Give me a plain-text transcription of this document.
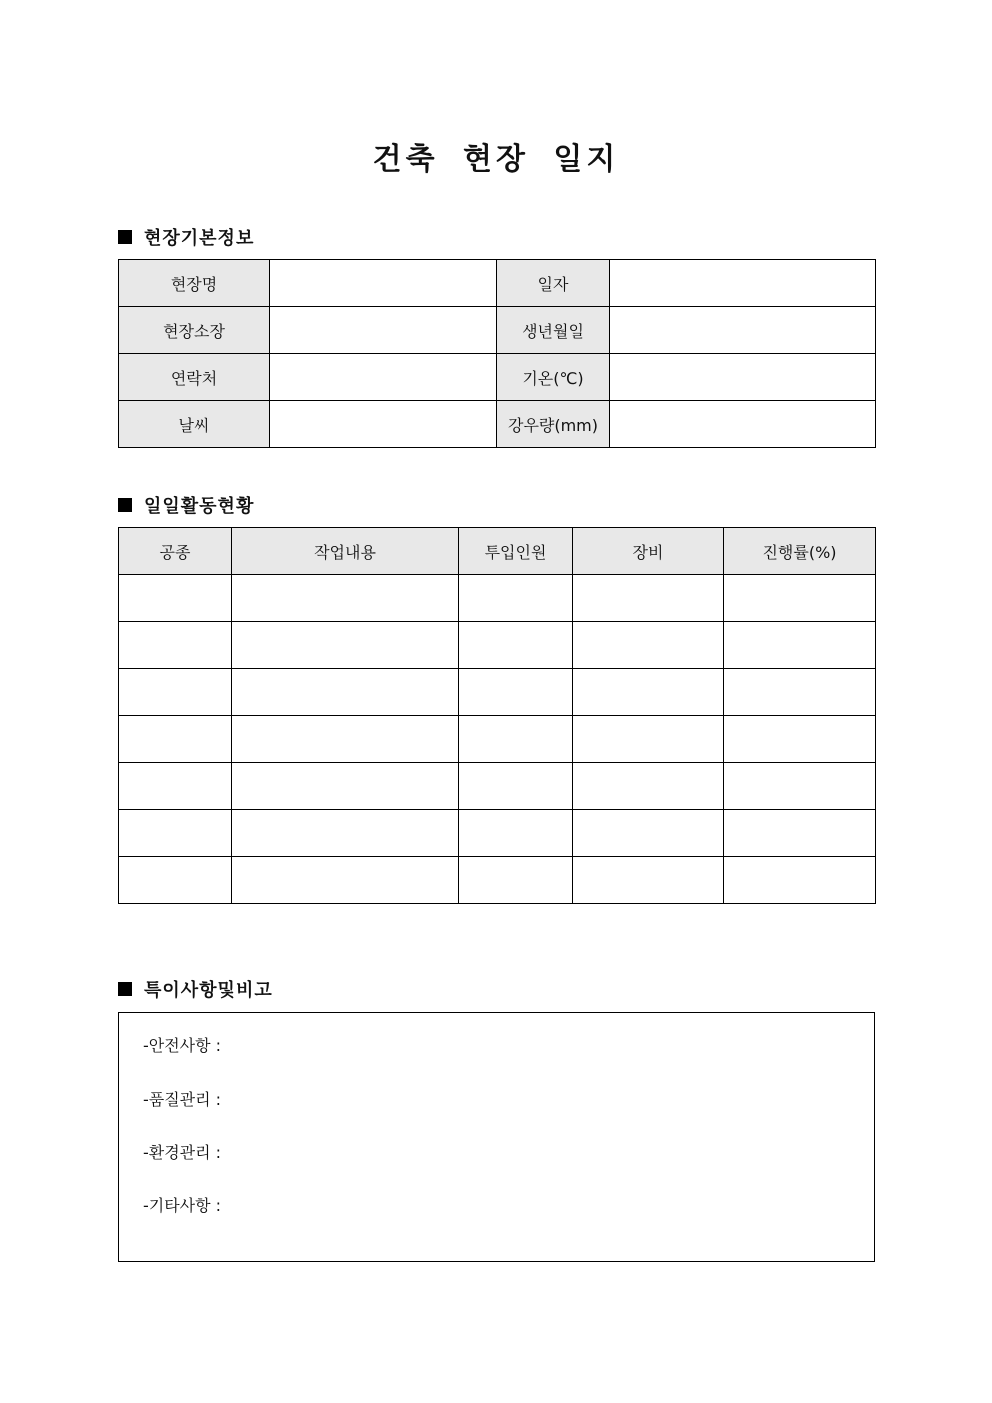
건축 현장 일지
현장기본정보
현장명		일자	
현장소장		생년월일	
연락처		기온(℃)	
날씨		강우량(mm)	
일일활동현황
공종	작업내용	투입인원	장비	진행률(%)

특이사항및비고
-안전사항 :
-품질관리 :
-환경관리 :
-기타사항 :
